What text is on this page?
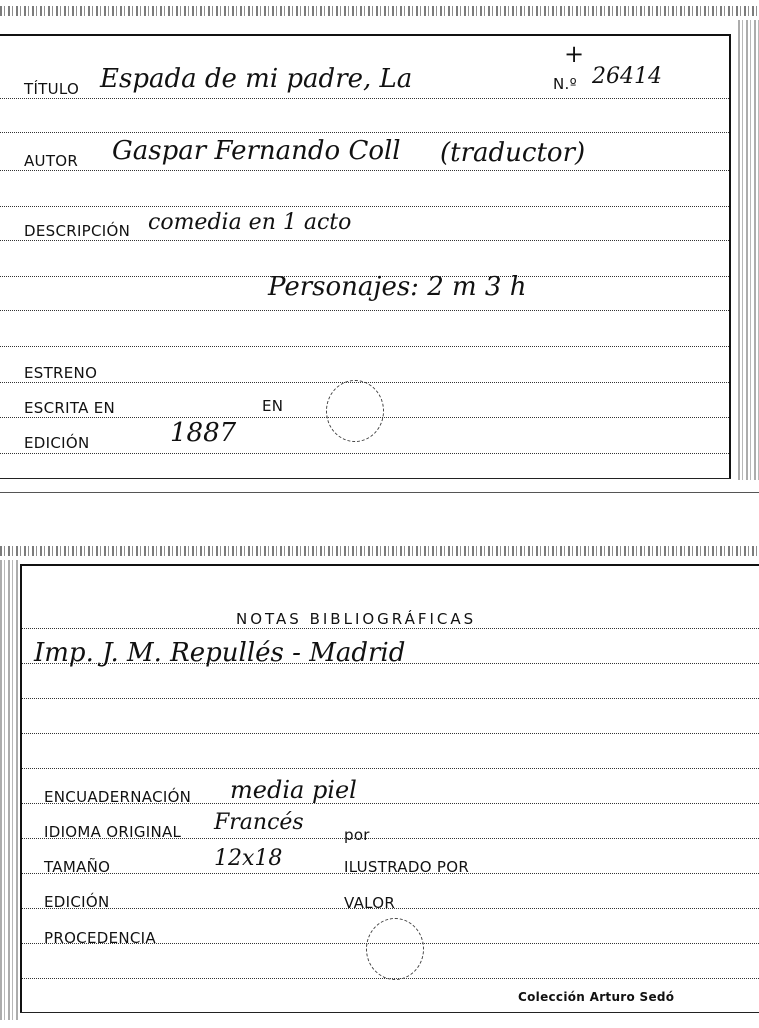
TÍTULO Espada de mi padre, La	N.º 26414
+
AUTOR Gaspar Fernando Coll (traductor)
DESCRIPCIÓN comedia en 1 acto
Personajes: 2 m 3 h
ESTRENO
ESCRITA EN	EN
EDICIÓN	1887
NOTAS BIBLIOGRÁFICAS
Imp. J. M. Repullés - Madrid
ENCUADERNACIÓN media piel
IDIOMA ORIGINAL Francés	por
TAMAÑO	12x18	ILUSTRADO POR
EDICIÓN	VALOR
PROCEDENCIA
Colección Arturo Sedó
